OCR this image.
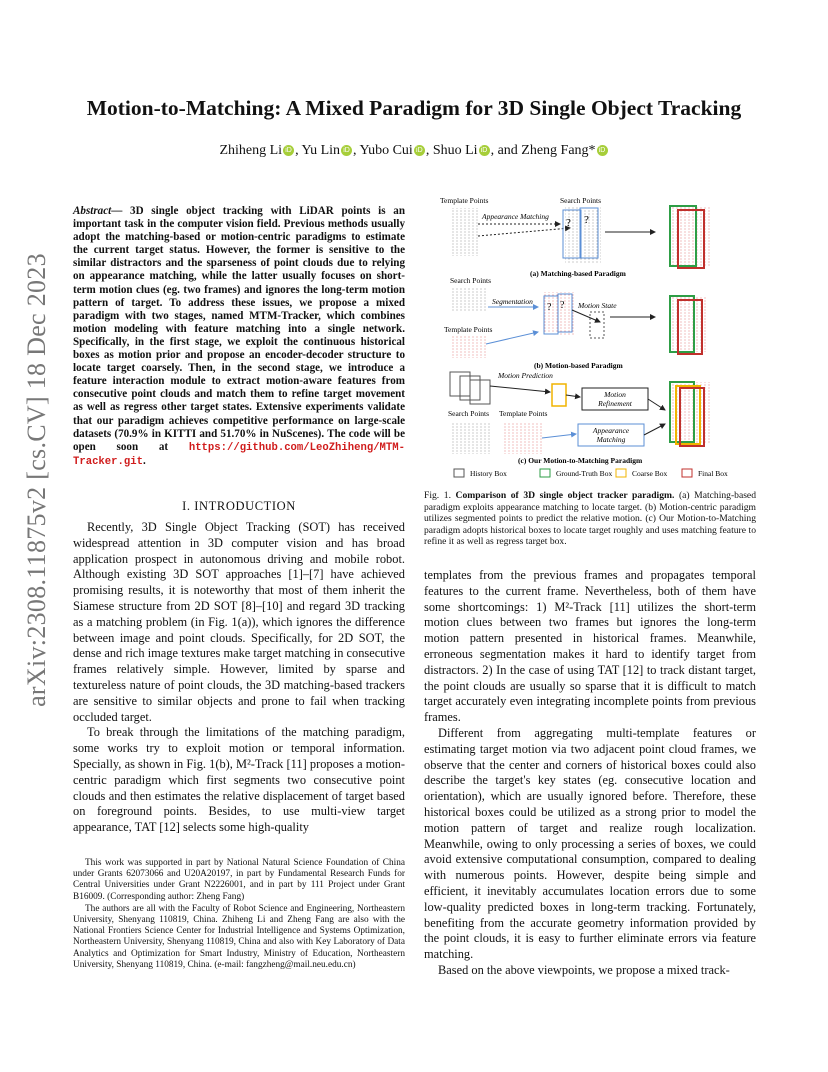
arXiv:2308.11875v2 [cs.CV] 18 Dec 2023
Motion-to-Matching: A Mixed Paradigm for 3D Single Object Tracking
Zhiheng Li iD , Yu Lin iD , Yubo Cui iD , Shuo Li iD , and Zheng Fang* iD
Abstract— 3D single object tracking with LiDAR points is an important task in the computer vision field. Previous methods usually adopt the matching-based or motion-centric paradigms to estimate the current target status. However, the former is sensitive to the similar distractors and the sparseness of point clouds due to relying on appearance matching, while the latter usually focuses on short-term motion clues (eg. two frames) and ignores the long-term motion pattern of target. To address these issues, we propose a mixed paradigm with two stages, named MTM-Tracker, which combines motion modeling with feature matching into a single network. Specifically, in the first stage, we exploit the continuous historical boxes as motion prior and propose an encoder-decoder structure to locate target coarsely. Then, in the second stage, we introduce a feature interaction module to extract motion-aware features from consecutive point clouds and match them to refine target movement as well as regress other target states. Extensive experiments validate that our paradigm achieves competitive performance on large-scale datasets (70.9% in KITTI and 51.70% in NuScenes). The code will be open soon at https://github.com/LeoZhiheng/MTM-Tracker.git.
I. INTRODUCTION

Recently, 3D Single Object Tracking (SOT) has received widespread attention in 3D computer vision and has broad application prospect in autonomous driving and mobile robot. Although existing 3D SOT approaches [1]–[7] have achieved promising results, it is noteworthy that most of them inherit the Siamese structure from 2D SOT [8]–[10] and regard 3D tracking as a matching problem (in Fig. 1(a)), which ignores the difference between image and point clouds. Specifically, for 2D SOT, the dense and rich image textures make target matching in consecutive frames relatively simple. However, limited by sparse and textureless nature of point clouds, the 3D matching-based trackers are sensitive to similar objects and prone to fail when tracking occluded target.

To break through the limitations of the matching paradigm, some works try to exploit motion or temporal information. Specially, as shown in Fig. 1(b), M²-Track [11] proposes a motion-centric paradigm which first segments two consecutive point clouds and then estimates the relative displacement of target based on foreground points. Besides, to use multi-view target appearance, TAT [12] selects some high-quality

This work was supported in part by National Natural Science Foundation of China under Grants 62073066 and U20A20197, in part by Fundamental Research Funds for Central Universities under Grant N2226001, and in part by 111 Project under Grant B16009. (Corresponding author: Zheng Fang)

The authors are all with the Faculty of Robot Science and Engineering, Northeastern University, Shenyang 110819, China. Zhiheng Li and Zheng Fang are also with the National Frontiers Science Center for Industrial Intelligence and Systems Optimization, Northeastern University, Shenyang 110819, China and also with Key Laboratory of Data Analytics and Optimization for Smart Industry, Ministry of Education, Northeastern University, Shenyang 110819, China. (e-mail: fangzheng@mail.neu.edu.cn)

Template Points	Search Points
Appearance Matching
? ?
(a) Matching-based Paradigm
Search Points
Segmentation
? ? Motion State
Template Points
(b) Motion-based Paradigm
Motion Prediction
Motion
Refinement
Search Points Template Points
Appearance
Matching
(c) Our Motion-to-Matching Paradigm
History Box	Ground-Truth Box	Coarse Box	Final Box
Fig. 1. Comparison of 3D single object tracker paradigm. (a) Matching-based paradigm exploits appearance matching to locate target. (b) Motion-centric paradigm utilizes segmented points to predict the relative motion. (c) Our Motion-to-Matching paradigm adopts historical boxes to locate target roughly and uses matching feature to refine it as well as regress target box.

templates from the previous frames and propagates temporal features to the current frame. Nevertheless, both of them have some shortcomings: 1) M²-Track [11] utilizes the short-term motion clues between two frames but ignores the long-term motion pattern presented in historical frames. Meanwhile, erroneous segmentation makes it hard to identify target from distractors. 2) In the case of using TAT [12] to track distant target, the point clouds are usually so sparse that it is difficult to match target accurately even integrating incomplete points from previous frames.

Different from aggregating multi-template features or estimating target motion via two adjacent point cloud frames, we observe that the center and corners of historical boxes could also describe the target's key states (eg. consecutive location and orientation), which are usually ignored before. Therefore, these historical boxes could be utilized as a strong prior to model the motion pattern of target and realize rough localization. Meanwhile, owing to only processing a series of boxes, we could avoid extensive computational consumption, compared to dealing with numerous points. However, despite being simple and efficient, it inevitably accumulates location errors due to some low-quality predicted boxes in long-term tracking. Fortunately, benefiting from the accurate geometry information provided by the point clouds, it is easy to further eliminate errors via feature matching.

Based on the above viewpoints, we propose a mixed track-
